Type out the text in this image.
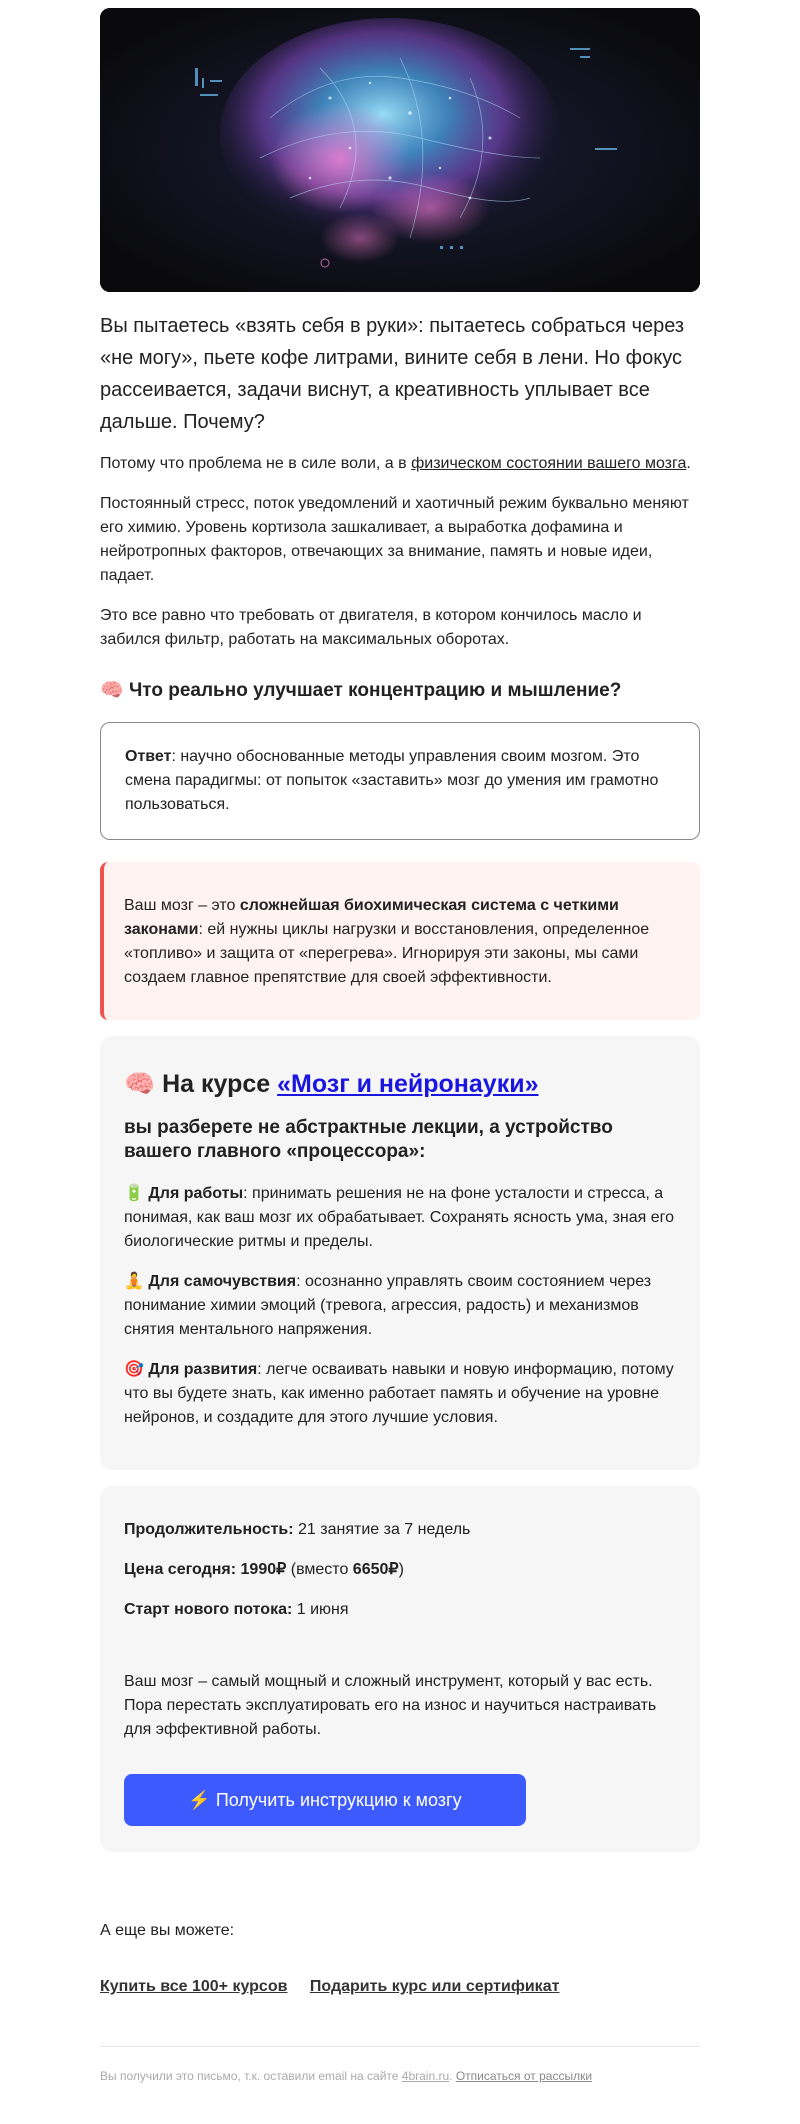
Вы пытаетесь «взять себя в руки»: пытаетесь собраться через «не могу», пьете кофе литрами, вините себя в лени. Но фокус рассеивается, задачи виснут, а креативность уплывает все дальше. Почему?

Потому что проблема не в силе воли, а в физическом состоянии вашего мозга.

Постоянный стресс, поток уведомлений и хаотичный режим буквально меняют его химию. Уровень кортизола зашкаливает, а выработка дофамина и нейротропных факторов, отвечающих за внимание, память и новые идеи, падает.

Это все равно что требовать от двигателя, в котором кончилось масло и забился фильтр, работать на максимальных оборотах.

🧠 Что реально улучшает концентрацию и мышление?
Ответ: научно обоснованные методы управления своим мозгом. Это смена парадигмы: от попыток «заставить» мозг до умения им грамотно пользоваться.
Ваш мозг – это сложнейшая биохимическая система с четкими законами: ей нужны циклы нагрузки и восстановления, определенное «топливо» и защита от «перегрева». Игнорируя эти законы, мы сами создаем главное препятствие для своей эффективности.
🧠 На курсе «Мозг и нейронауки»
вы разберете не абстрактные лекции, а устройство вашего главного «процессора»:

🔋 Для работы: принимать решения не на фоне усталости и стресса, а понимая, как ваш мозг их обрабатывает. Сохранять ясность ума, зная его биологические ритмы и пределы.

🧘 Для самочувствия: осознанно управлять своим состоянием через понимание химии эмоций (тревога, агрессия, радость) и механизмов снятия ментального напряжения.

🎯 Для развития: легче осваивать навыки и новую информацию, потому что вы будете знать, как именно работает память и обучение на уровне нейронов, и создадите для этого лучшие условия.

Продолжительность: 21 занятие за 7 недель

Цена сегодня: 1990₽ (вместо 6650₽)

Старт нового потока: 1 июня

Ваш мозг – самый мощный и сложный инструмент, который у вас есть. Пора перестать эксплуатировать его на износ и научиться настраивать для эффективной работы.

⚡ Получить инструкцию к мозгу
А еще вы можете:
Купить все 100+ курсов Подарить курс или сертификат
Вы получили это письмо, т.к. оставили email на сайте 4brain.ru. Отписаться от рассылки
